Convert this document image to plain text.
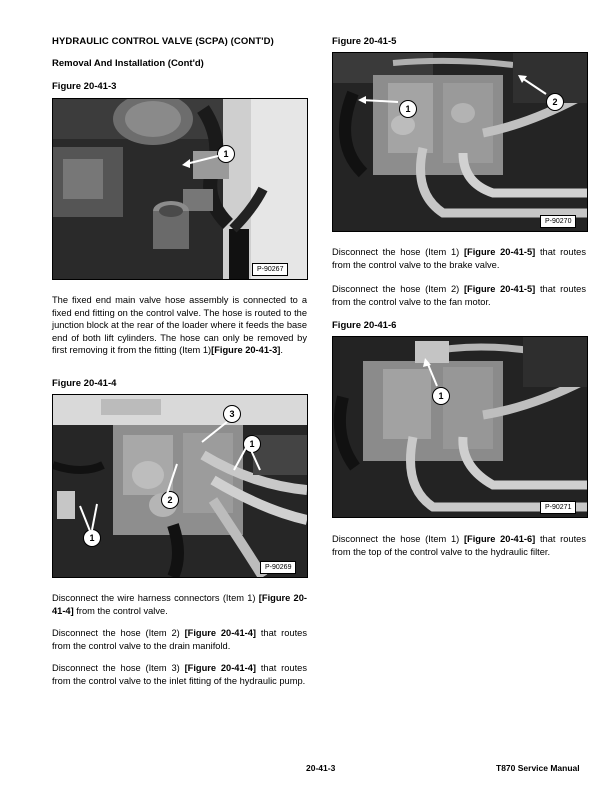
HYDRAULIC CONTROL VALVE (SCPA) (CONT'D)
Removal And Installation (Cont'd)
Figure 20-41-3
1
P-90267

The fixed end main valve hose assembly is connected to a fixed end fitting on the control valve. The hose is routed to the junction block at the rear of the loader where it feeds the base end of both lift cylinders. The hose can only be removed by first removing it from the fitting (Item 1)[Figure 20-41-3].

Figure 20-41-4
3
1
2
1
P-90269

Disconnect the wire harness connectors (Item 1) [Figure 20-41-4] from the control valve.

Disconnect the hose (Item 2) [Figure 20-41-4] that routes from the control valve to the drain manifold.

Disconnect the hose (Item 3) [Figure 20-41-4] that routes from the control valve to the inlet fitting of the hydraulic pump.

Figure 20-41-5
1
2
P-90270

Disconnect the hose (Item 1) [Figure 20-41-5] that routes from the control valve to the brake valve.

Disconnect the hose (Item 2) [Figure 20-41-5] that routes from the control valve to the fan motor.

Figure 20-41-6
1
P-90271

Disconnect the hose (Item 1) [Figure 20-41-6] that routes from the top of the control valve to the hydraulic filter.

20-41-3	T870 Service Manual
